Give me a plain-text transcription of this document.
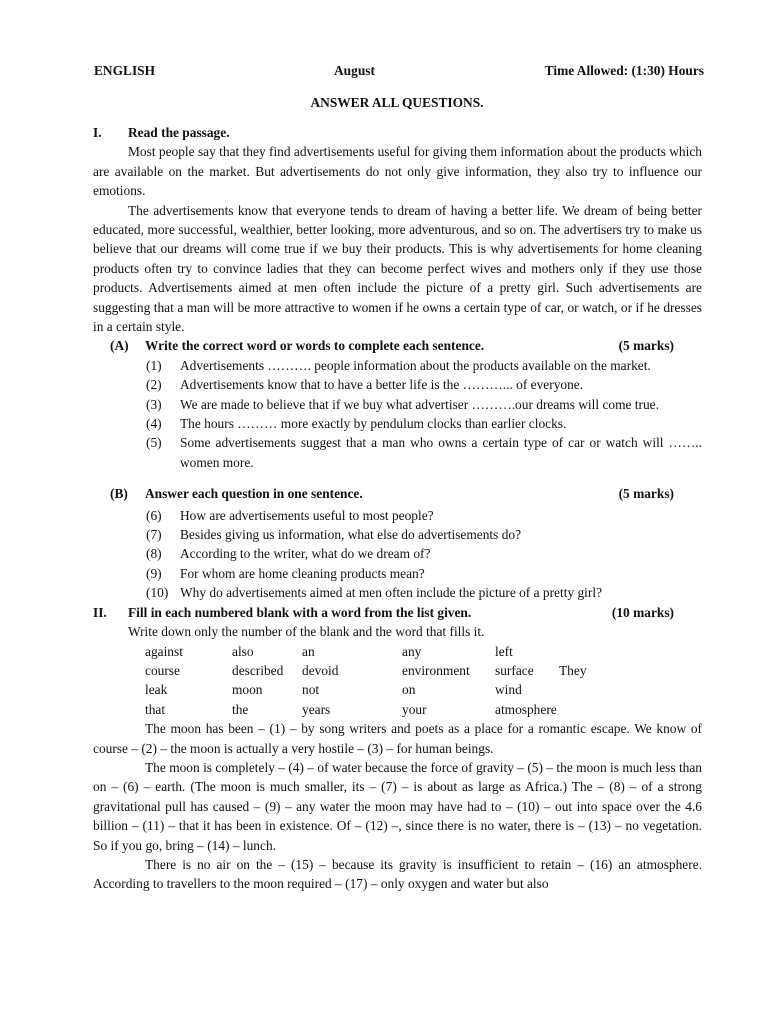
ENGLISH	August	Time Allowed: (1:30) Hours
ANSWER ALL QUESTIONS.
I. Read the passage.

Most people say that they find advertisements useful for giving them information about the products which are available on the market. But advertisements do not only give information, they also try to influence our emotions.

The advertisements know that everyone tends to dream of having a better life. We dream of being better educated, more successful, wealthier, better looking, more adventurous, and so on. The advertisers try to make us believe that our dreams will come true if we buy their products. This is why advertisements for home cleaning products often try to convince ladies that they can become perfect wives and mothers only if they use those products. Advertisements aimed at men often include the picture of a pretty girl. Such advertisements are suggesting that a man will be more attractive to women if he owns a certain type of car, or watch, or if he dresses in a certain style.

(A) Write the correct word or words to complete each sentence.	(5 marks)
(1) Advertisements ………. people information about the products available on the market.
(2) Advertisements know that to have a better life is the ………... of everyone.
(3) We are made to believe that if we buy what advertiser ……….our dreams will come true.
(4) The hours ……… more exactly by pendulum clocks than earlier clocks.
(5) Some advertisements suggest that a man who owns a certain type of car or watch will …….. women more.
(B) Answer each question in one sentence.	(5 marks)
(6) How are advertisements useful to most people?
(7) Besides giving us information, what else do advertisements do?
(8) According to the writer, what do we dream of?
(9) For whom are home cleaning products mean?
(10) Why do advertisements aimed at men often include the picture of a pretty girl?
II. Fill in each numbered blank with a word from the list given.	(10 marks)
Write down only the number of the blank and the word that fills it.
against	also	an	any	left	
course	described	devoid	environment	surface	They
leak	moon	not	on	wind	
that	the	years	your	atmosphere	

The moon has been – (1) – by song writers and poets as a place for a romantic escape. We know of course – (2) – the moon is actually a very hostile – (3) – for human beings.

The moon is completely – (4) – of water because the force of gravity – (5) – the moon is much less than on – (6) – earth. (The moon is much smaller, its – (7) – is about as large as Africa.) The – (8) – of a strong gravitational pull has caused – (9) – any water the moon may have had to – (10) – out into space over the 4.6 billion – (11) – that it has been in existence. Of – (12) –, since there is no water, there is – (13) – no vegetation. So if you go, bring – (14) – lunch.

There is no air on the – (15) – because its gravity is insufficient to retain – (16) an atmosphere. According to travellers to the moon required – (17) – only oxygen and water but also
